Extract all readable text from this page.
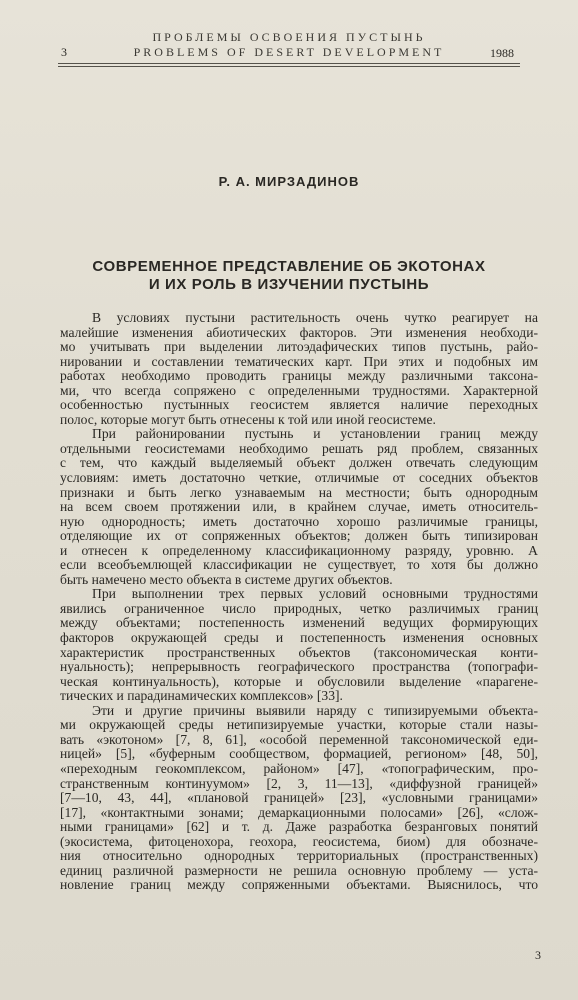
ПРОБЛЕМЫ ОСВОЕНИЯ ПУСТЫНЬ
3	PROBLEMS OF DESERT DEVELOPMENT	1988
Р. А. МИРЗАДИНОВ
СОВРЕМЕННОЕ ПРЕДСТАВЛЕНИЕ ОБ ЭКОТОНАХ
И ИХ РОЛЬ В ИЗУЧЕНИИ ПУСТЫНЬ
В условиях пустыни растительность очень чутко реагирует на
малейшие изменения абиотических факторов. Эти изменения необходи-
мо учитывать при выделении литоэдафических типов пустынь, райо-
нировании и составлении тематических карт. При этих и подобных им
работах необходимо проводить границы между различными таксона-
ми, что всегда сопряжено с определенными трудностями. Характерной
особенностью пустынных геосистем является наличие переходных
полос, которые могут быть отнесены к той или иной геосистеме.
При районировании пустынь и установлении границ между
отдельными геосистемами необходимо решать ряд проблем, связанных
с тем, что каждый выделяемый объект должен отвечать следующим
условиям: иметь достаточно четкие, отличимые от соседних объектов
признаки и быть легко узнаваемым на местности; быть однородным
на всем своем протяжении или, в крайнем случае, иметь относитель-
ную однородность; иметь достаточно хорошо различимые границы,
отделяющие их от сопряженных объектов; должен быть типизирован
и отнесен к определенному классификационному разряду, уровню. А
если всеобъемлющей классификации не существует, то хотя бы должно
быть намечено место объекта в системе других объектов.
При выполнении трех первых условий основными трудностями
явились ограниченное число природных, четко различимых границ
между объектами; постепенность изменений ведущих формирующих
факторов окружающей среды и постепенность изменения основных
характеристик пространственных объектов (таксономическая конти-
нуальность); непрерывность географического пространства (топографи-
ческая континуальность), которые и обусловили выделение «парагене-
тических и парадинамических комплексов» [33].
Эти и другие причины выявили наряду с типизируемыми объекта-
ми окружающей среды нетипизируемые участки, которые стали назы-
вать «экотоном» [7, 8, 61], «особой переменной таксономической еди-
ницей» [5], «буферным сообществом, формацией, регионом» [48, 50],
«переходным геокомплексом, районом» [47], «топографическим, про-
странственным континуумом» [2, 3, 11—13], «диффузной границей»
[7—10, 43, 44], «плановой границей» [23], «условными границами»
[17], «контактными зонами; демаркационными полосами» [26], «слож-
ными границами» [62] и т. д. Даже разработка безранговых понятий
(экосистема, фитоценохора, геохора, геосистема, биом) для обозначе-
ния относительно однородных территориальных (пространственных)
единиц различной размерности не решила основную проблему — уста-
новление границ между сопряженными объектами. Выяснилось, что
3
